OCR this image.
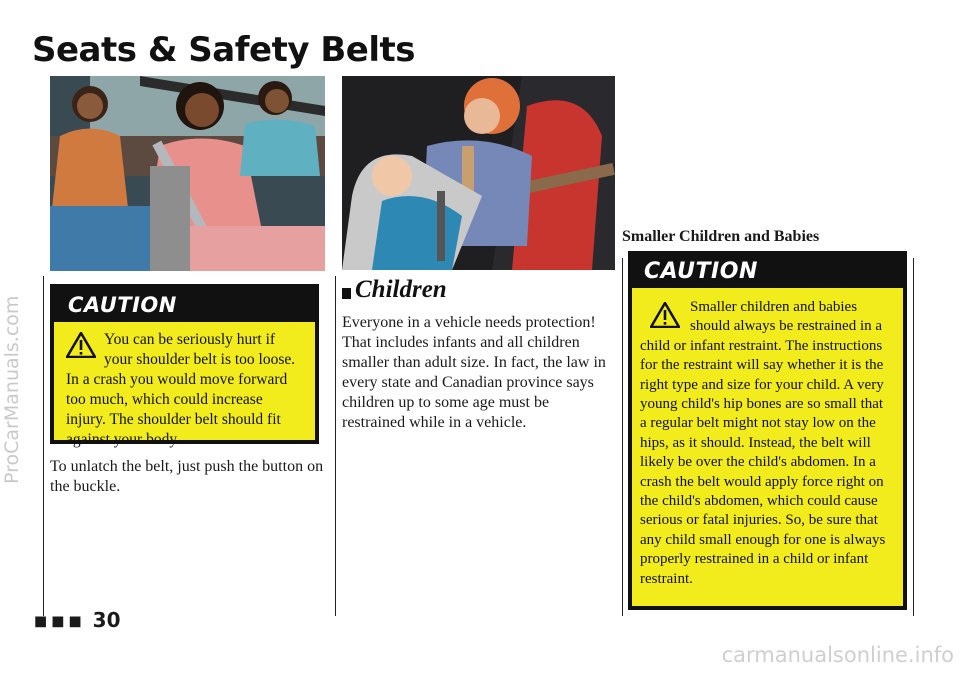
ProCarManuals.com
Seats & Safety Belts
CAUTION
You can be seriously hurt if your shoulder belt is too loose. In a crash you would move forward too much, which could increase injury. The shoulder belt should fit against your body.

To unlatch the belt, just push the button on the buckle.

Children

Everyone in a vehicle needs protection! That includes infants and all children smaller than adult size. In fact, the law in every state and Canadian province says children up to some age must be restrained while in a vehicle.

Smaller Children and Babies
CAUTION
Smaller children and babies should always be restrained in a child or infant restraint. The instructions for the restraint will say whether it is the right type and size for your child. A very young child's hip bones are so small that a regular belt might not stay low on the hips, as it should. Instead, the belt will likely be over the child's abdomen. In a crash the belt would apply force right on the child's abdomen, which could cause serious or fatal injuries. So, be sure that any child small enough for one is always properly restrained in a child or infant restraint.
■■■ 30
carmanualsonline.info
